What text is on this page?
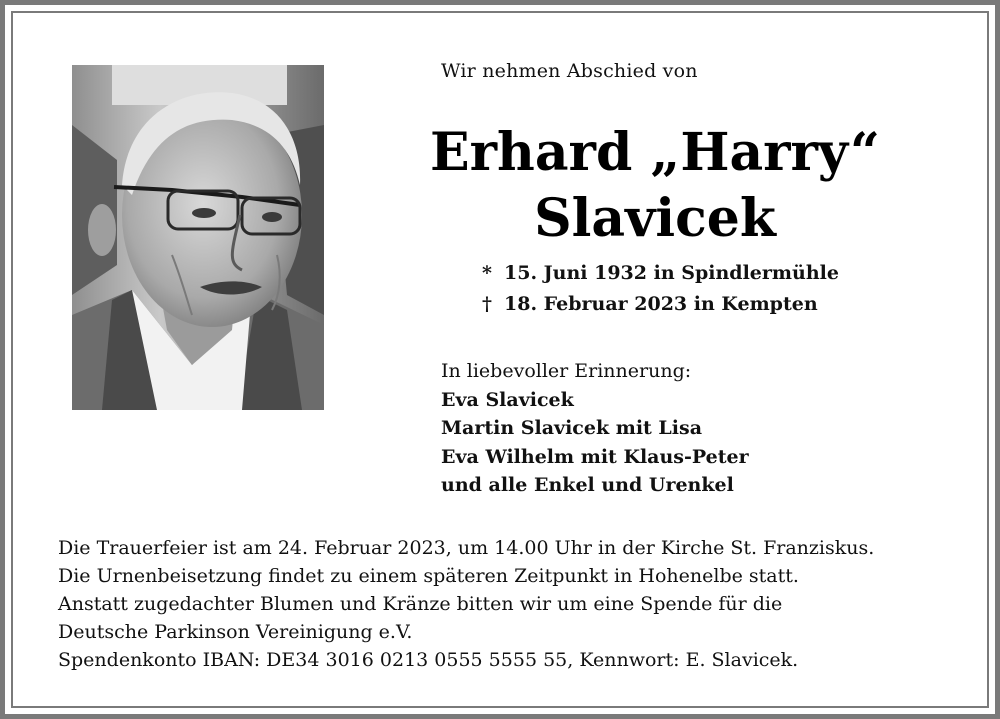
Wir nehmen Abschied von
Erhard „Harry“
Slavicek
* 15. Juni 1932 in Spindlermühle
† 18. Februar 2023 in Kempten
In liebevoller Erinnerung:
Eva Slavicek
Martin Slavicek mit Lisa
Eva Wilhelm mit Klaus-Peter
und alle Enkel und Urenkel
Die Trauerfeier ist am 24. Februar 2023, um 14.00 Uhr in der Kirche St. Franziskus.
Die Urnenbeisetzung findet zu einem späteren Zeitpunkt in Hohenelbe statt.
Anstatt zugedachter Blumen und Kränze bitten wir um eine Spende für die
Deutsche Parkinson Vereinigung e.V.
Spendenkonto IBAN: DE34 3016 0213 0555 5555 55, Kennwort: E. Slavicek.
